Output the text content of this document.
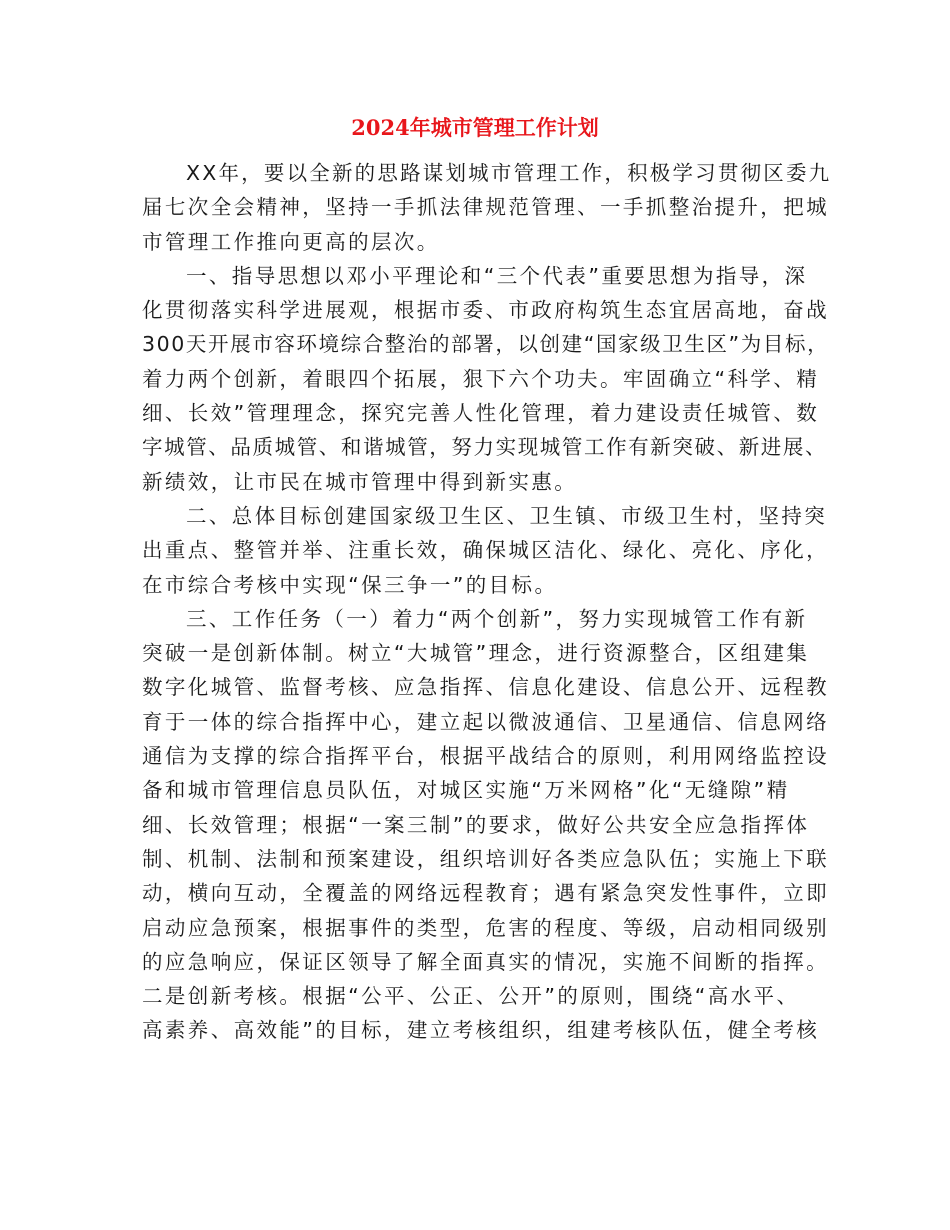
2024年城市管理工作计划
XX年，要以全新的思路谋划城市管理工作，积极学习贯彻区委九
届七次全会精神，坚持一手抓法律规范管理、一手抓整治提升，把城
市管理工作推向更高的层次。
一、指导思想以邓小平理论和“三个代表”重要思想为指导，深
化贯彻落实科学进展观，根据市委、市政府构筑生态宜居高地，奋战
300天开展市容环境综合整治的部署，以创建“国家级卫生区”为目标，
着力两个创新，着眼四个拓展，狠下六个功夫。牢固确立“科学、精
细、长效”管理理念，探究完善人性化管理，着力建设责任城管、数
字城管、品质城管、和谐城管，努力实现城管工作有新突破、新进展、
新绩效，让市民在城市管理中得到新实惠。
二、总体目标创建国家级卫生区、卫生镇、市级卫生村，坚持突
出重点、整管并举、注重长效，确保城区洁化、绿化、亮化、序化，
在市综合考核中实现“保三争一”的目标。
三、工作任务（一）着力“两个创新”，努力实现城管工作有新
突破一是创新体制。树立“大城管”理念，进行资源整合，区组建集
数字化城管、监督考核、应急指挥、信息化建设、信息公开、远程教
育于一体的综合指挥中心，建立起以微波通信、卫星通信、信息网络
通信为支撑的综合指挥平台，根据平战结合的原则，利用网络监控设
备和城市管理信息员队伍，对城区实施“万米网格”化“无缝隙”精
细、长效管理；根据“一案三制”的要求，做好公共安全应急指挥体
制、机制、法制和预案建设，组织培训好各类应急队伍；实施上下联
动，横向互动，全覆盖的网络远程教育；遇有紧急突发性事件，立即
启动应急预案，根据事件的类型，危害的程度、等级，启动相同级别
的应急响应，保证区领导了解全面真实的情况，实施不间断的指挥。
二是创新考核。根据“公平、公正、公开”的原则，围绕“高水平、
高素养、高效能”的目标，建立考核组织，组建考核队伍，健全考核
